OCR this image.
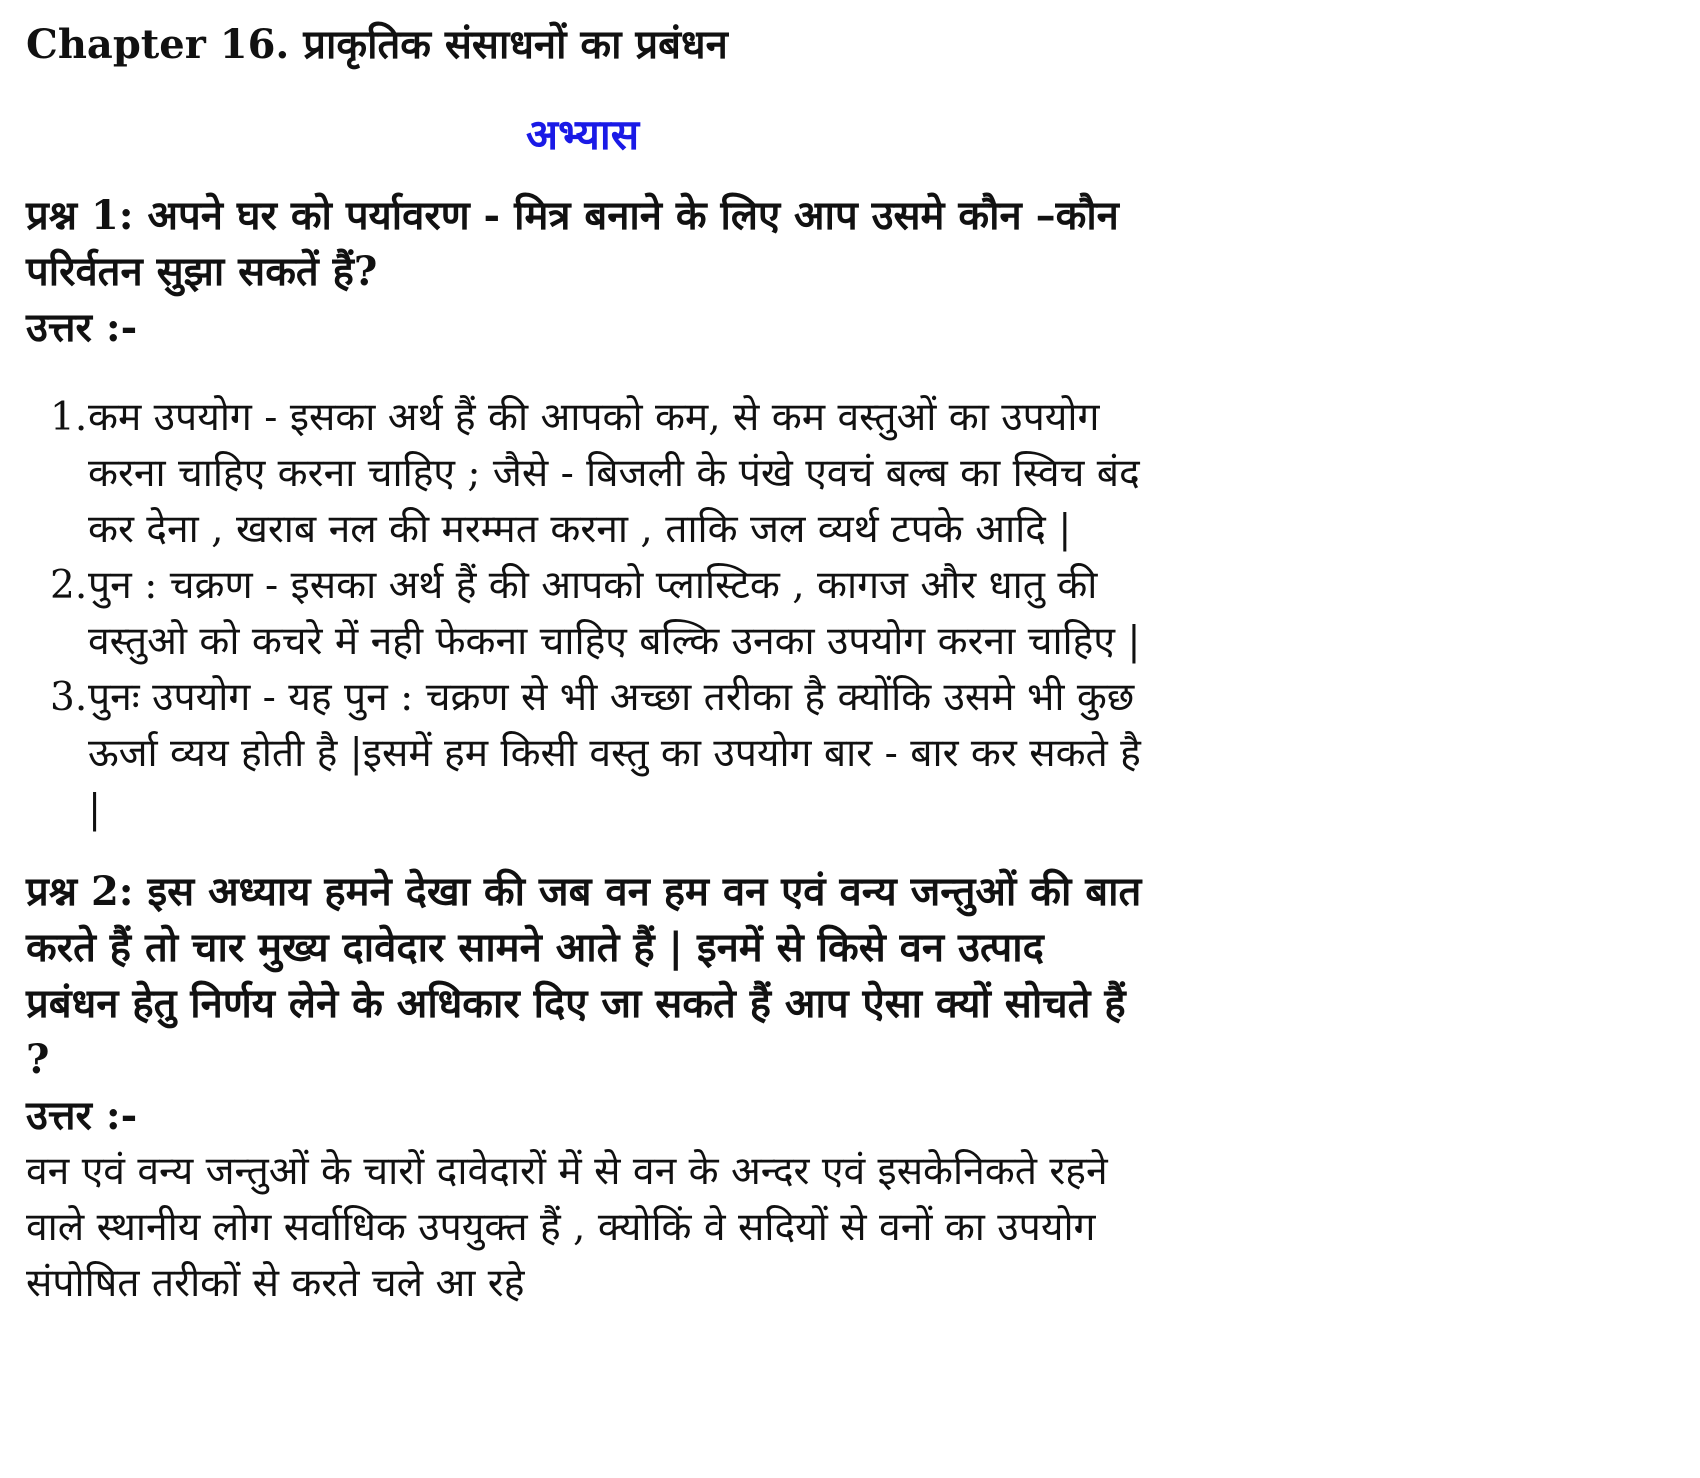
Chapter 16. प्राकृतिक संसाधनों का प्रबंधन
अभ्यास

प्रश्न 1: अपने घर को पर्यावरण - मित्र बनाने के लिए आप उसमे कौन –कौन परिर्वतन सुझा सकतें हैं?

उत्तर :-

1. कम उपयोग - इसका अर्थ हैं की आपको कम, से कम वस्तुओं का उपयोग करना चाहिए करना चाहिए ; जैसे - बिजली के पंखे एवचं बल्ब का स्विच बंद कर देना , खराब नल की मरम्मत करना , ताकि जल व्यर्थ टपके आदि |
2. पुन : चक्रण - इसका अर्थ हैं की आपको प्लास्टिक , कागज और धातु की वस्तुओ को कचरे में नही फेकना चाहिए बल्कि उनका उपयोग करना चाहिए |
3. पुनः उपयोग - यह पुन : चक्रण से भी अच्छा तरीका है क्योंकि उसमे भी कुछ ऊर्जा व्यय होती है |इसमें हम किसी वस्तु का उपयोग बार - बार कर सकते है |

प्रश्न 2: इस अध्याय हमने देखा की जब वन हम वन एवं वन्य जन्तुओं की बात करते हैं तो चार मुख्य दावेदार सामने आते हैं | इनमें से किसे वन उत्पाद प्रबंधन हेतु निर्णय लेने के अधिकार दिए जा सकते हैं आप ऐसा क्यों सोचते हैं ?

उत्तर :-

वन एवं वन्य जन्तुओं के चारों दावेदारों में से वन के अन्दर एवं इसकेनिकते रहने वाले स्थानीय लोग सर्वाधिक उपयुक्त हैं , क्योकिं वे सदियों से वनों का उपयोग संपोषित तरीकों से करते चले आ रहे
